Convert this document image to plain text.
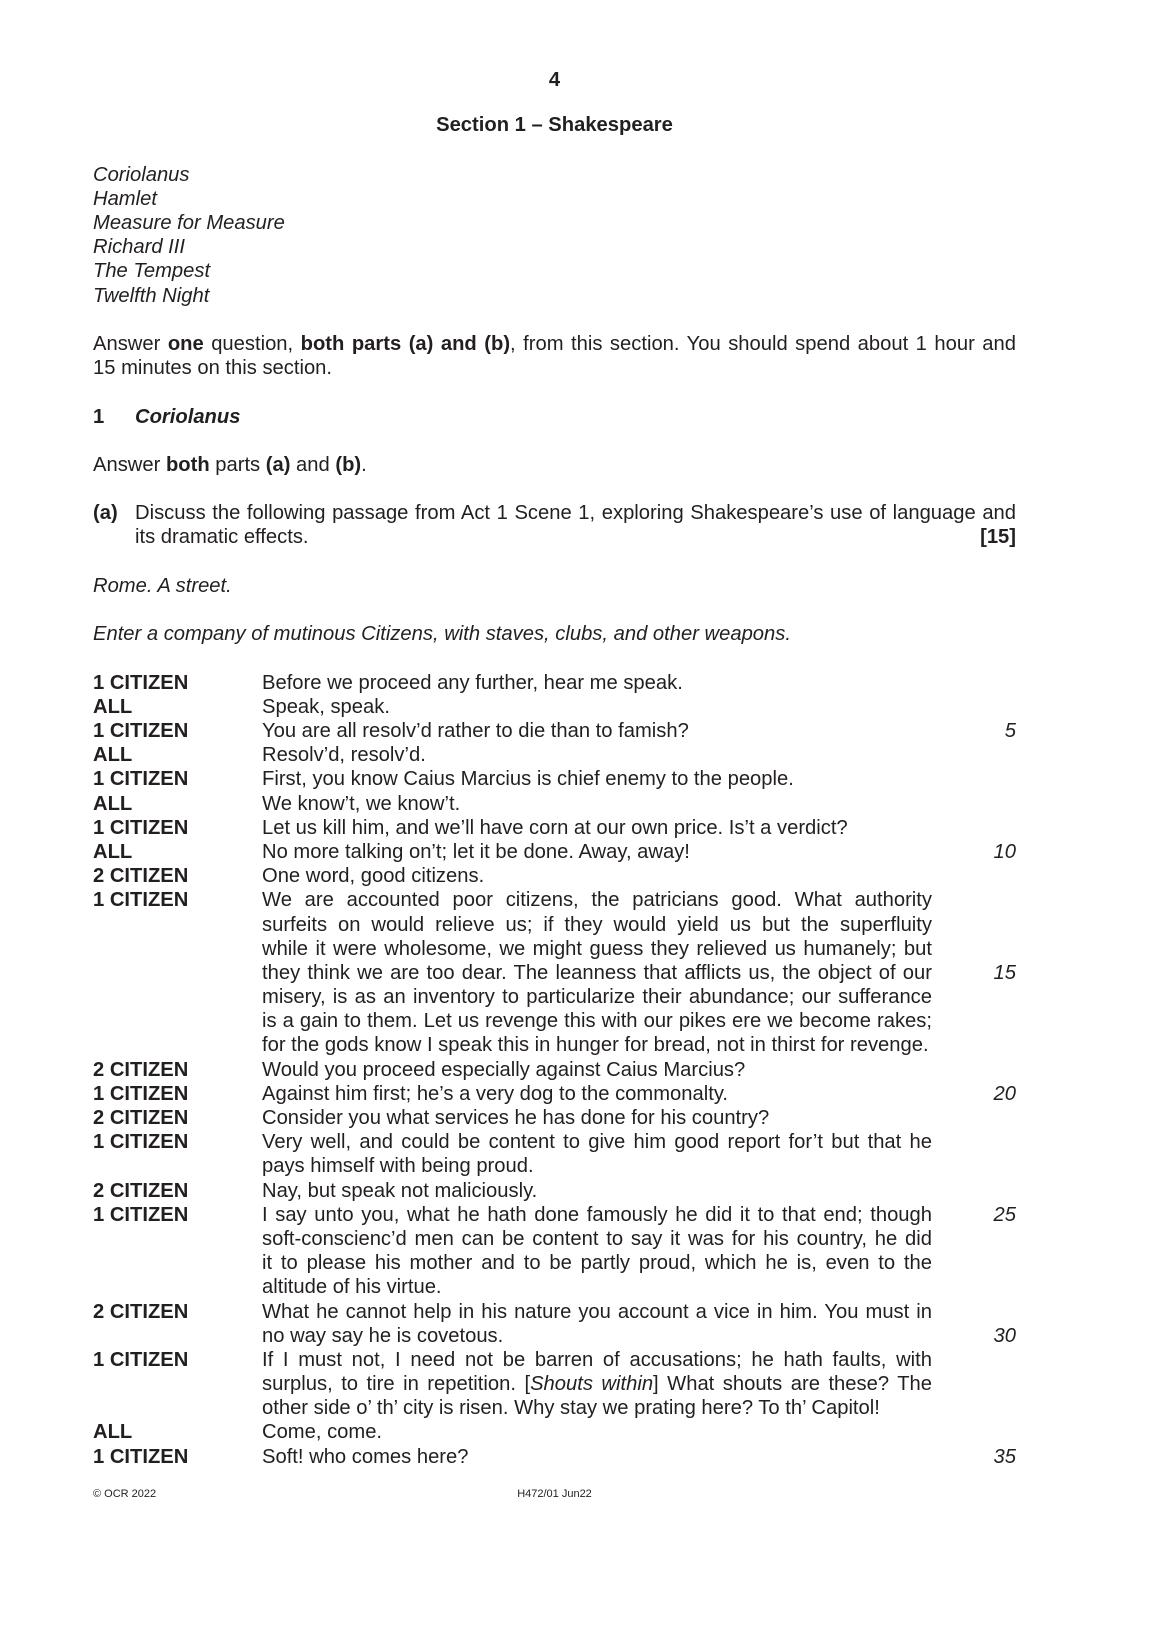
4
Section 1 – Shakespeare
Coriolanus
Hamlet
Measure for Measure
Richard III
The Tempest
Twelfth Night
Answer one question, both parts (a) and (b), from this section. You should spend about 1 hour and
15 minutes on this section.
1	Coriolanus
Answer both parts (a) and (b).
(a) Discuss the following passage from Act 1 Scene 1, exploring Shakespeare’s use of language and
its dramatic effects.	[15]
Rome. A street.
Enter a company of mutinous Citizens, with staves, clubs, and other weapons.
1 CITIZEN	Before we proceed any further, hear me speak.
ALL	Speak, speak.
1 CITIZEN	You are all resolv’d rather to die than to famish?	5
ALL	Resolv’d, resolv’d.
1 CITIZEN	First, you know Caius Marcius is chief enemy to the people.
ALL	We know’t, we know’t.
1 CITIZEN	Let us kill him, and we’ll have corn at our own price. Is’t a verdict?
ALL	No more talking on’t; let it be done. Away, away!	10
2 CITIZEN	One word, good citizens.
1 CITIZEN	We are accounted poor citizens, the patricians good. What authority
surfeits on would relieve us; if they would yield us but the superfluity
while it were wholesome, we might guess they relieved us humanely; but
they think we are too dear. The leanness that afflicts us, the object of our	15
misery, is as an inventory to particularize their abundance; our sufferance
is a gain to them. Let us revenge this with our pikes ere we become rakes;
for the gods know I speak this in hunger for bread, not in thirst for revenge.
2 CITIZEN	Would you proceed especially against Caius Marcius?
1 CITIZEN	Against him first; he’s a very dog to the commonalty.	20
2 CITIZEN	Consider you what services he has done for his country?
1 CITIZEN	Very well, and could be content to give him good report for’t but that he
pays himself with being proud.
2 CITIZEN	Nay, but speak not maliciously.
1 CITIZEN	I say unto you, what he hath done famously he did it to that end; though	25
soft-conscienc’d men can be content to say it was for his country, he did
it to please his mother and to be partly proud, which he is, even to the
altitude of his virtue.
2 CITIZEN	What he cannot help in his nature you account a vice in him. You must in
no way say he is covetous.	30
1 CITIZEN	If I must not, I need not be barren of accusations; he hath faults, with
surplus, to tire in repetition. [Shouts within] What shouts are these? The
other side o’ th’ city is risen. Why stay we prating here? To th’ Capitol!
ALL	Come, come.
1 CITIZEN	Soft! who comes here?	35
© OCR 2022	H472/01 Jun22
